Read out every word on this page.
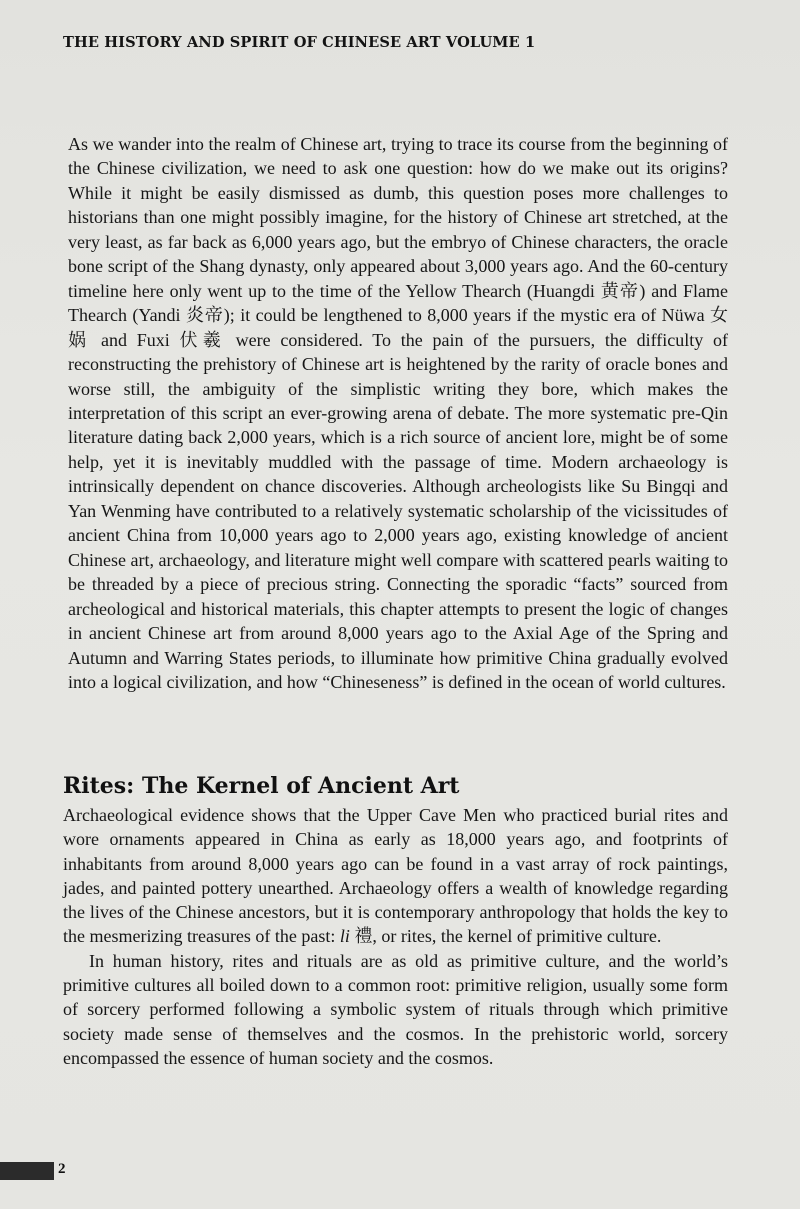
THE HISTORY AND SPIRIT OF CHINESE ART VOLUME 1

As we wander into the realm of Chinese art, trying to trace its course from the beginning of the Chinese civilization, we need to ask one question: how do we make out its origins? While it might be easily dismissed as dumb, this question poses more challenges to historians than one might possibly imagine, for the history of Chinese art stretched, at the very least, as far back as 6,000 years ago, but the embryo of Chinese characters, the oracle bone script of the Shang dynasty, only appeared about 3,000 years ago. And the 60-century timeline here only went up to the time of the Yellow Thearch (Huangdi 黄帝) and Flame Thearch (Yandi 炎帝); it could be lengthened to 8,000 years if the mystic era of Nüwa 女娲 and Fuxi 伏羲 were considered. To the pain of the pursuers, the difficulty of reconstructing the prehistory of Chinese art is heightened by the rarity of oracle bones and worse still, the ambiguity of the simplistic writing they bore, which makes the interpretation of this script an ever-growing arena of debate. The more systematic pre-Qin literature dating back 2,000 years, which is a rich source of ancient lore, might be of some help, yet it is inevitably muddled with the passage of time. Modern archaeology is intrinsically dependent on chance discoveries. Although archeologists like Su Bingqi and Yan Wenming have contributed to a relatively systematic scholarship of the vicissitudes of ancient China from 10,000 years ago to 2,000 years ago, existing knowledge of ancient Chinese art, archaeology, and literature might well compare with scattered pearls waiting to be threaded by a piece of precious string. Connecting the sporadic “facts” sourced from archeological and historical materials, this chapter attempts to present the logic of changes in ancient Chinese art from around 8,000 years ago to the Axial Age of the Spring and Autumn and Warring States periods, to illuminate how primitive China gradually evolved into a logical civilization, and how “Chineseness” is defined in the ocean of world cultures.

Rites: The Kernel of Ancient Art

Archaeological evidence shows that the Upper Cave Men who practiced burial rites and wore ornaments appeared in China as early as 18,000 years ago, and footprints of inhabitants from around 8,000 years ago can be found in a vast array of rock paintings, jades, and painted pottery unearthed. Archaeology offers a wealth of knowledge regarding the lives of the Chinese ancestors, but it is contemporary anthropology that holds the key to the mesmerizing treasures of the past: li 禮, or rites, the kernel of primitive culture.

In human history, rites and rituals are as old as primitive culture, and the world’s primitive cultures all boiled down to a common root: primitive religion, usually some form of sorcery performed following a symbolic system of rituals through which primitive society made sense of themselves and the cosmos. In the prehistoric world, sorcery encompassed the essence of human society and the cosmos.

2
